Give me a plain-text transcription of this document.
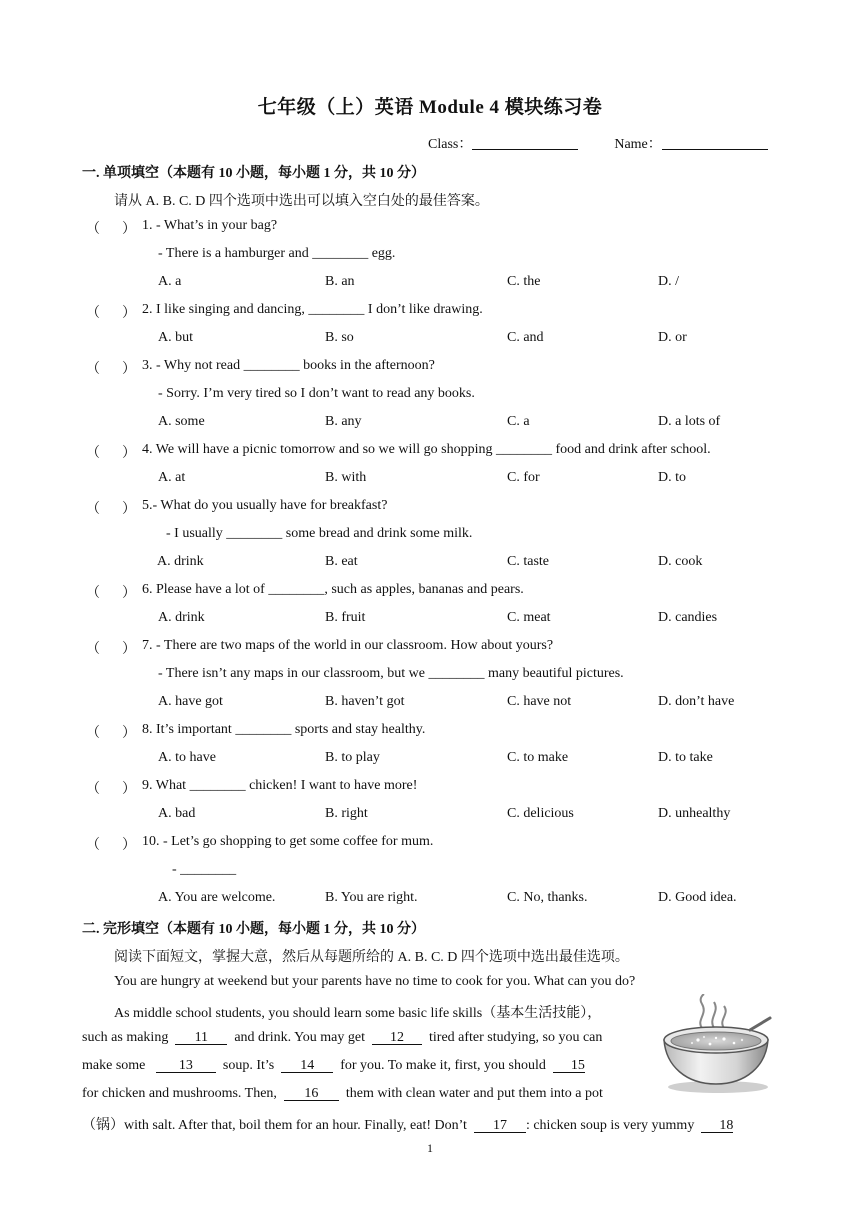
七年级（上）英语 Module 4 模块练习卷
Class：	Name：
一. 单项填空（本题有 10 小题，每小题 1 分，共 10 分）
请从 A. B. C. D 四个选项中选出可以填入空白处的最佳答案。
（ ） 1. - What’s in your bag?
- There is a hamburger and ________ egg.
A. a	B. an	C. the	D. /
（ ） 2. I like singing and dancing, ________ I don’t like drawing.
A. but	B. so	C. and	D. or
（ ） 3. - Why not read ________ books in the afternoon?
- Sorry. I’m very tired so I don’t want to read any books.
A. some	B. any	C. a	D. a lots of
（ ） 4. We will have a picnic tomorrow and so we will go shopping ________ food and drink after school.
A. at	B. with	C. for	D. to
（ ） 5.- What do you usually have for breakfast?
- I usually ________ some bread and drink some milk.
A. drink	B. eat	C. taste	D. cook
（ ） 6. Please have a lot of ________, such as apples, bananas and pears.
A. drink	B. fruit	C. meat	D. candies
（ ） 7. - There are two maps of the world in our classroom. How about yours?
- There isn’t any maps in our classroom, but we ________ many beautiful pictures.
A. have got	B. haven’t got	C. have not	D. don’t have
（ ） 8. It’s important ________ sports and stay healthy.
A. to have	B. to play	C. to make	D. to take
（ ） 9. What ________ chicken! I want to have more!
A. bad	B. right	C. delicious	D. unhealthy
（ ） 10. - Let’s go shopping to get some coffee for mum.
- ________
A. You are welcome.	B. You are right.	C. No, thanks.	D. Good idea.
二. 完形填空（本题有 10 小题，每小题 1 分，共 10 分）
阅读下面短文，掌握大意，然后从每题所给的 A. B. C. D 四个选项中选出最佳选项。
You are hungry at weekend but your parents have no time to cook for you. What can you do?
As middle school students, you should learn some basic life skills（基本生活技能），
such as making 11 and drink. You may get 12 tired after studying, so you can
make some 13 soup. It’s 14 for you. To make it, first, you should 15
for chicken and mushrooms. Then, 16 them with clean water and put them into a pot
（锅）with salt. After that, boil them for an hour. Finally, eat! Don’t 17 : chicken soup is very yummy 18
1
